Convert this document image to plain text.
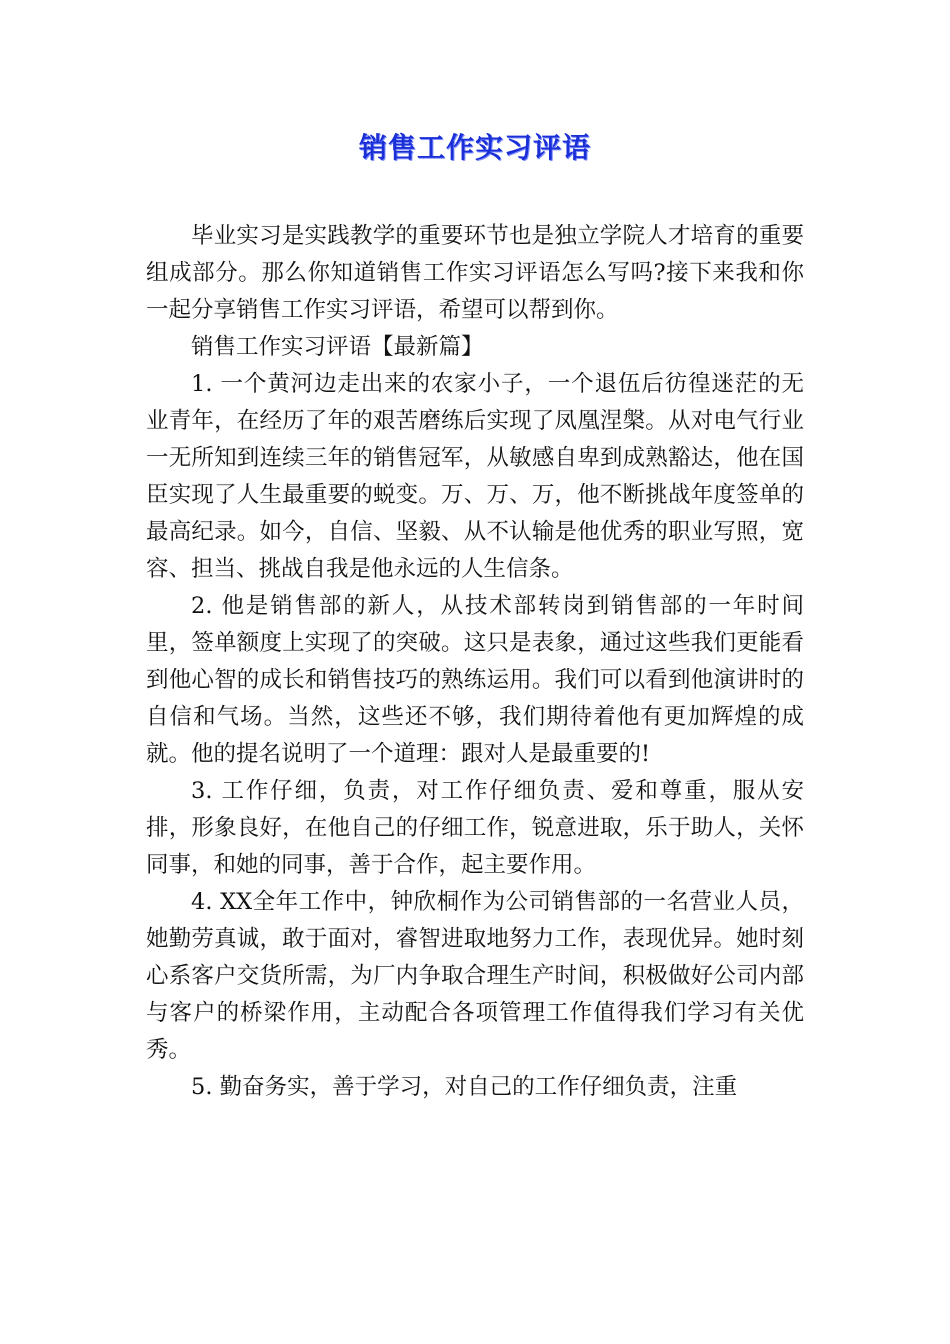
销售工作实习评语

毕业实习是实践教学的重要环节也是独立学院人才培育的重要组成部分。那么你知道销售工作实习评语怎么写吗?接下来我和你一起分享销售工作实习评语，希望可以帮到你。

销售工作实习评语【最新篇】

1. 一个黄河边走出来的农家小子，一个退伍后彷徨迷茫的无业青年，在经历了年的艰苦磨练后实现了凤凰涅槃。从对电气行业一无所知到连续三年的销售冠军，从敏感自卑到成熟豁达，他在国臣实现了人生最重要的蜕变。万、万、万，他不断挑战年度签单的最高纪录。如今，自信、坚毅、从不认输是他优秀的职业写照，宽容、担当、挑战自我是他永远的人生信条。

2. 他是销售部的新人，从技术部转岗到销售部的一年时间里，签单额度上实现了的突破。这只是表象，通过这些我们更能看到他心智的成长和销售技巧的熟练运用。我们可以看到他演讲时的自信和气场。当然，这些还不够，我们期待着他有更加辉煌的成就。他的提名说明了一个道理：跟对人是最重要的!

3. 工作仔细，负责，对工作仔细负责、爱和尊重，服从安排，形象良好，在他自己的仔细工作，锐意进取，乐于助人，关怀同事，和她的同事，善于合作，起主要作用。

4. XX全年工作中，钟欣桐作为公司销售部的一名营业人员，她勤劳真诚，敢于面对，睿智进取地努力工作，表现优异。她时刻心系客户交货所需，为厂内争取合理生产时间，积极做好公司内部与客户的桥梁作用，主动配合各项管理工作值得我们学习有关优秀。

5. 勤奋务实，善于学习，对自己的工作仔细负责，注重
